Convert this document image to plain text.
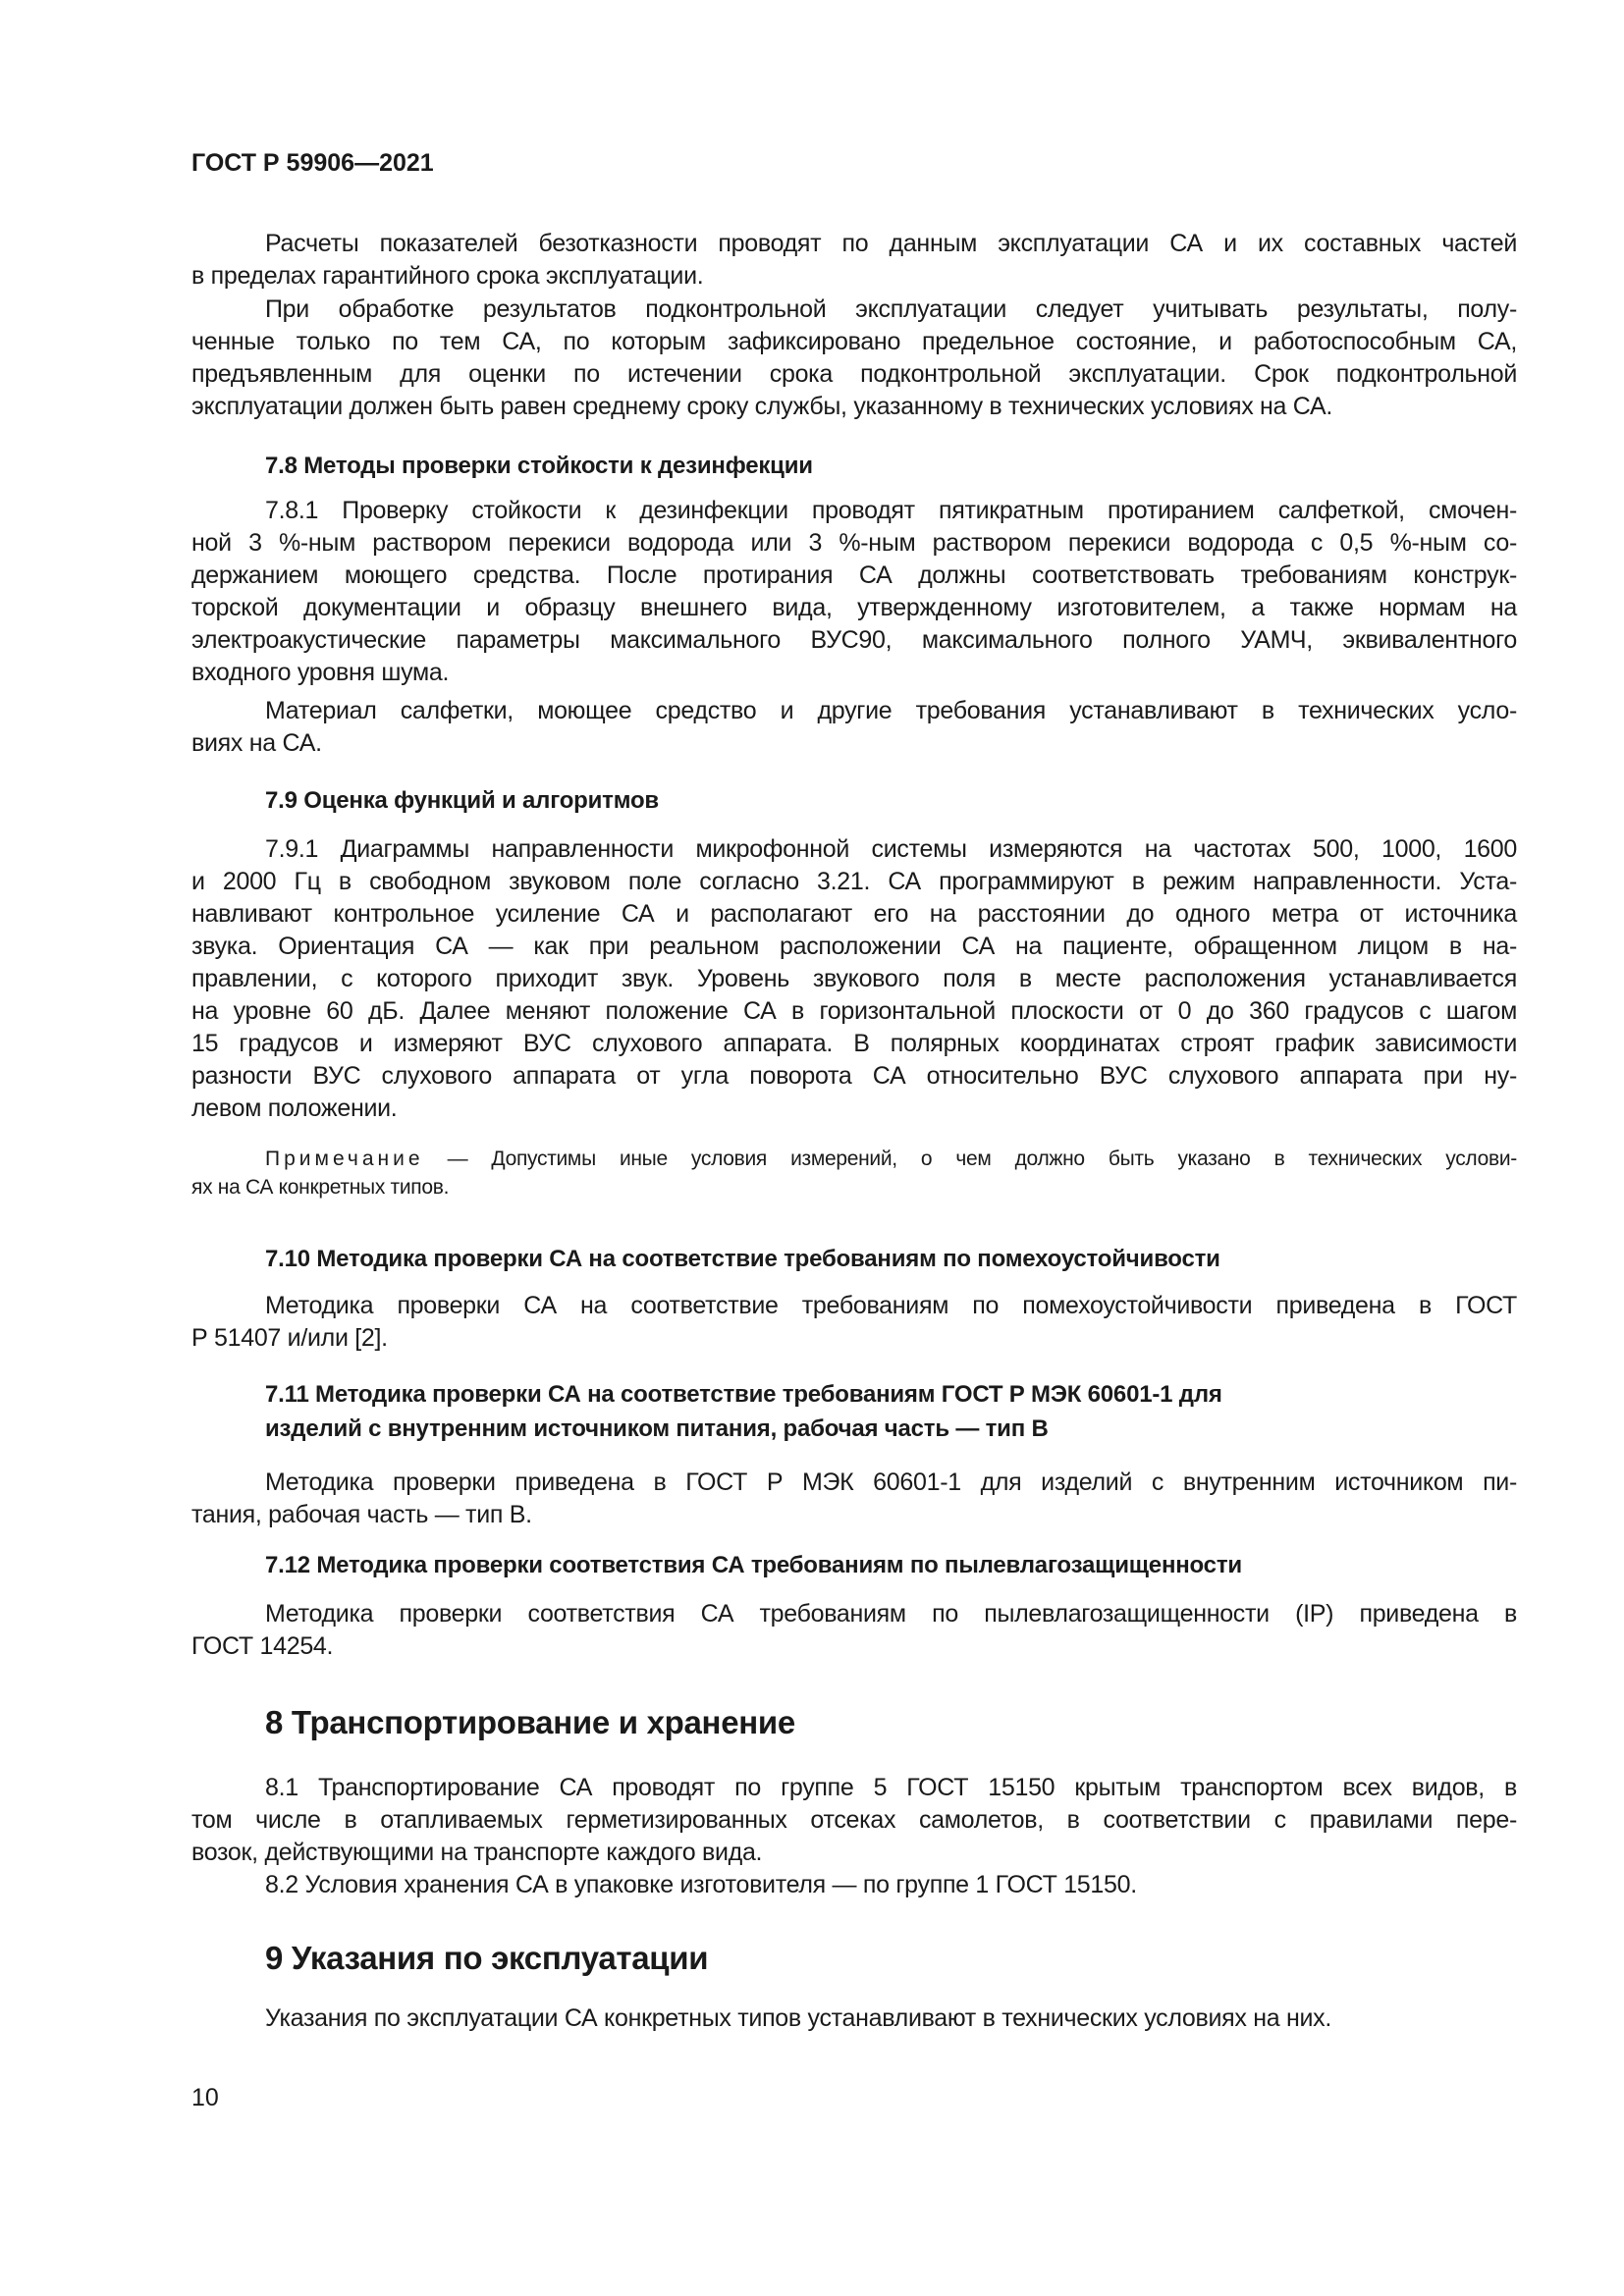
ГОСТ Р 59906—2021
Расчеты показателей безотказности проводят по данным эксплуатации СА и их составных частей
в пределах гарантийного срока эксплуатации.
При обработке результатов подконтрольной эксплуатации следует учитывать результаты, полу-
ченные только по тем СА, по которым зафиксировано предельное состояние, и работоспособным СА,
предъявленным для оценки по истечении срока подконтрольной эксплуатации. Срок подконтрольной
эксплуатации должен быть равен среднему сроку службы, указанному в технических условиях на СА.
7.8 Методы проверки стойкости к дезинфекции
7.8.1 Проверку стойкости к дезинфекции проводят пятикратным протиранием салфеткой, смочен-
ной 3 %-ным раствором перекиси водорода или 3 %-ным раствором перекиси водорода с 0,5 %-ным со-
держанием моющего средства. После протирания СА должны соответствовать требованиям конструк-
торской документации и образцу внешнего вида, утвержденному изготовителем, а также нормам на
электроакустические параметры максимального ВУС90, максимального полного УАМЧ, эквивалентного
входного уровня шума.
Материал салфетки, моющее средство и другие требования устанавливают в технических усло-
виях на СА.
7.9 Оценка функций и алгоритмов
7.9.1 Диаграммы направленности микрофонной системы измеряются на частотах 500, 1000, 1600
и 2000 Гц в свободном звуковом поле согласно 3.21. СА программируют в режим направленности. Уста-
навливают контрольное усиление СА и располагают его на расстоянии до одного метра от источника
звука. Ориентация СА — как при реальном расположении СА на пациенте, обращенном лицом в на-
правлении, с которого приходит звук. Уровень звукового поля в месте расположения устанавливается
на уровне 60 дБ. Далее меняют положение СА в горизонтальной плоскости от 0 до 360 градусов с шагом
15 градусов и измеряют ВУС слухового аппарата. В полярных координатах строят график зависимости
разности ВУС слухового аппарата от угла поворота СА относительно ВУС слухового аппарата при ну-
левом положении.
Примечание — Допустимы иные условия измерений, о чем должно быть указано в технических услови-
ях на СА конкретных типов.
7.10 Методика проверки СА на соответствие требованиям по помехоустойчивости
Методика проверки СА на соответствие требованиям по помехоустойчивости приведена в ГОСТ
Р 51407 и/или [2].
7.11 Методика проверки СА на соответствие требованиям ГОСТ Р МЭК 60601-1 для
изделий с внутренним источником питания, рабочая часть — тип В
Методика проверки приведена в ГОСТ Р МЭК 60601-1 для изделий с внутренним источником пи-
тания, рабочая часть — тип В.
7.12 Методика проверки соответствия СА требованиям по пылевлагозащищенности
Методика проверки соответствия СА требованиям по пылевлагозащищенности (IP) приведена в
ГОСТ 14254.
8 Транспортирование и хранение
8.1 Транспортирование СА проводят по группе 5 ГОСТ 15150 крытым транспортом всех видов, в
том числе в отапливаемых герметизированных отсеках самолетов, в соответствии с правилами пере-
возок, действующими на транспорте каждого вида.
8.2 Условия хранения СА в упаковке изготовителя — по группе 1 ГОСТ 15150.
9 Указания по эксплуатации
Указания по эксплуатации СА конкретных типов устанавливают в технических условиях на них.
10
